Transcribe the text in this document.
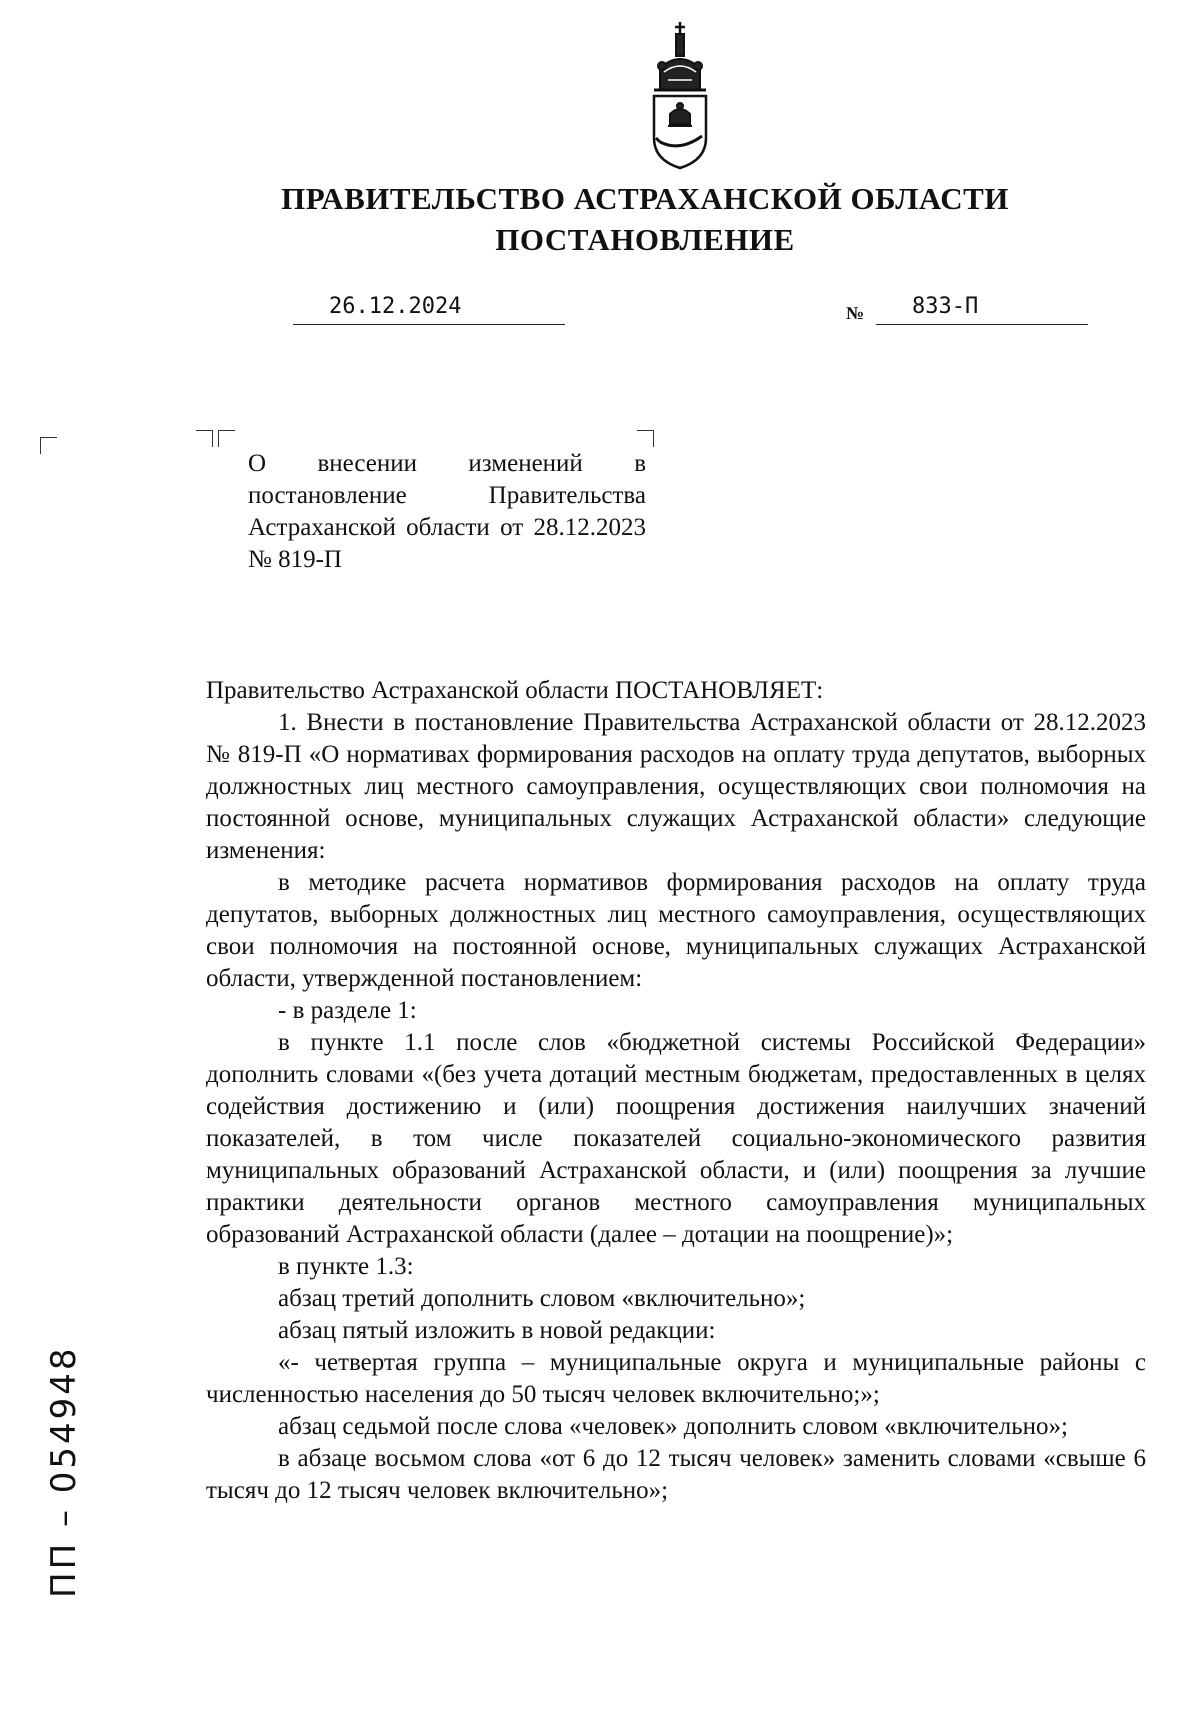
ПРАВИТЕЛЬСТВО АСТРАХАНСКОЙ ОБЛАСТИ
ПОСТАНОВЛЕНИЕ
26.12.2024	№ 833-П
О внесении изменений в постановление Правительства Астраханской области от 28.12.2023 № 819-П

Правительство Астраханской области ПОСТАНОВЛЯЕТ:

1. Внести в постановление Правительства Астраханской области от 28.12.2023 № 819-П «О нормативах формирования расходов на оплату труда депутатов, выборных должностных лиц местного самоуправления, осуществляющих свои полномочия на постоянной основе, муниципальных служащих Астраханской области» следующие изменения:

в методике расчета нормативов формирования расходов на оплату труда депутатов, выборных должностных лиц местного самоуправления, осуществляющих свои полномочия на постоянной основе, муниципальных служащих Астраханской области, утвержденной постановлением:

- в разделе 1:

в пункте 1.1 после слов «бюджетной системы Российской Федерации» дополнить словами «(без учета дотаций местным бюджетам, предоставленных в целях содействия достижению и (или) поощрения достижения наилучших значений показателей, в том числе показателей социально-экономического развития муниципальных образований Астраханской области, и (или) поощрения за лучшие практики деятельности органов местного самоуправления муниципальных образований Астраханской области (далее – дотации на поощрение)»;

в пункте 1.3:

абзац третий дополнить словом «включительно»;

абзац пятый изложить в новой редакции:

«- четвертая группа – муниципальные округа и муниципальные районы с численностью населения до 50 тысяч человек включительно;»;

абзац седьмой после слова «человек» дополнить словом «включительно»;

в абзаце восьмом слова «от 6 до 12 тысяч человек» заменить словами «свыше 6 тысяч до 12 тысяч человек включительно»;

ПП – 054948
